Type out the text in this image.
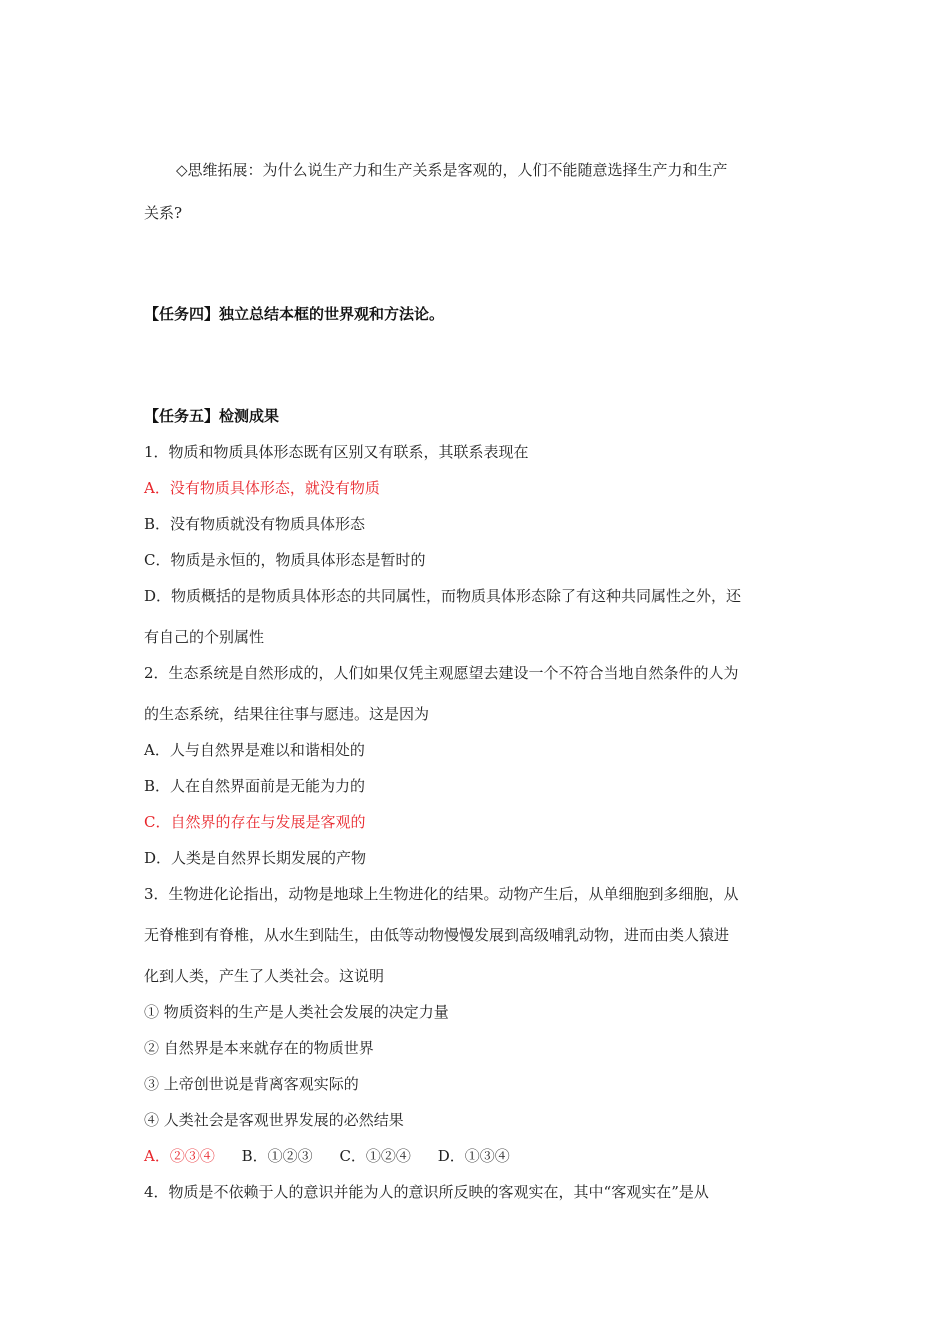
◇思维拓展：为什么说生产力和生产关系是客观的，人们不能随意选择生产力和生产
关系?
【任务四】独立总结本框的世界观和方法论。
【任务五】检测成果
1．物质和物质具体形态既有区别又有联系，其联系表现在
A．没有物质具体形态，就没有物质
B．没有物质就没有物质具体形态
C．物质是永恒的，物质具体形态是暂时的
D．物质概括的是物质具体形态的共同属性，而物质具体形态除了有这种共同属性之外，还
有自己的个别属性
2．生态系统是自然形成的，人们如果仅凭主观愿望去建设一个不符合当地自然条件的人为
的生态系统，结果往往事与愿违。这是因为
A．人与自然界是难以和谐相处的
B．人在自然界面前是无能为力的
C．自然界的存在与发展是客观的
D．人类是自然界长期发展的产物
3．生物进化论指出，动物是地球上生物进化的结果。动物产生后，从单细胞到多细胞，从
无脊椎到有脊椎，从水生到陆生，由低等动物慢慢发展到高级哺乳动物，进而由类人猿进
化到人类，产生了人类社会。这说明
① 物质资料的生产是人类社会发展的决定力量
② 自然界是本来就存在的物质世界
③ 上帝创世说是背离客观实际的
④ 人类社会是客观世界发展的必然结果
A．②③④ B．①②③ C．①②④ D．①③④
4．物质是不依赖于人的意识并能为人的意识所反映的客观实在，其中“客观实在”是从
